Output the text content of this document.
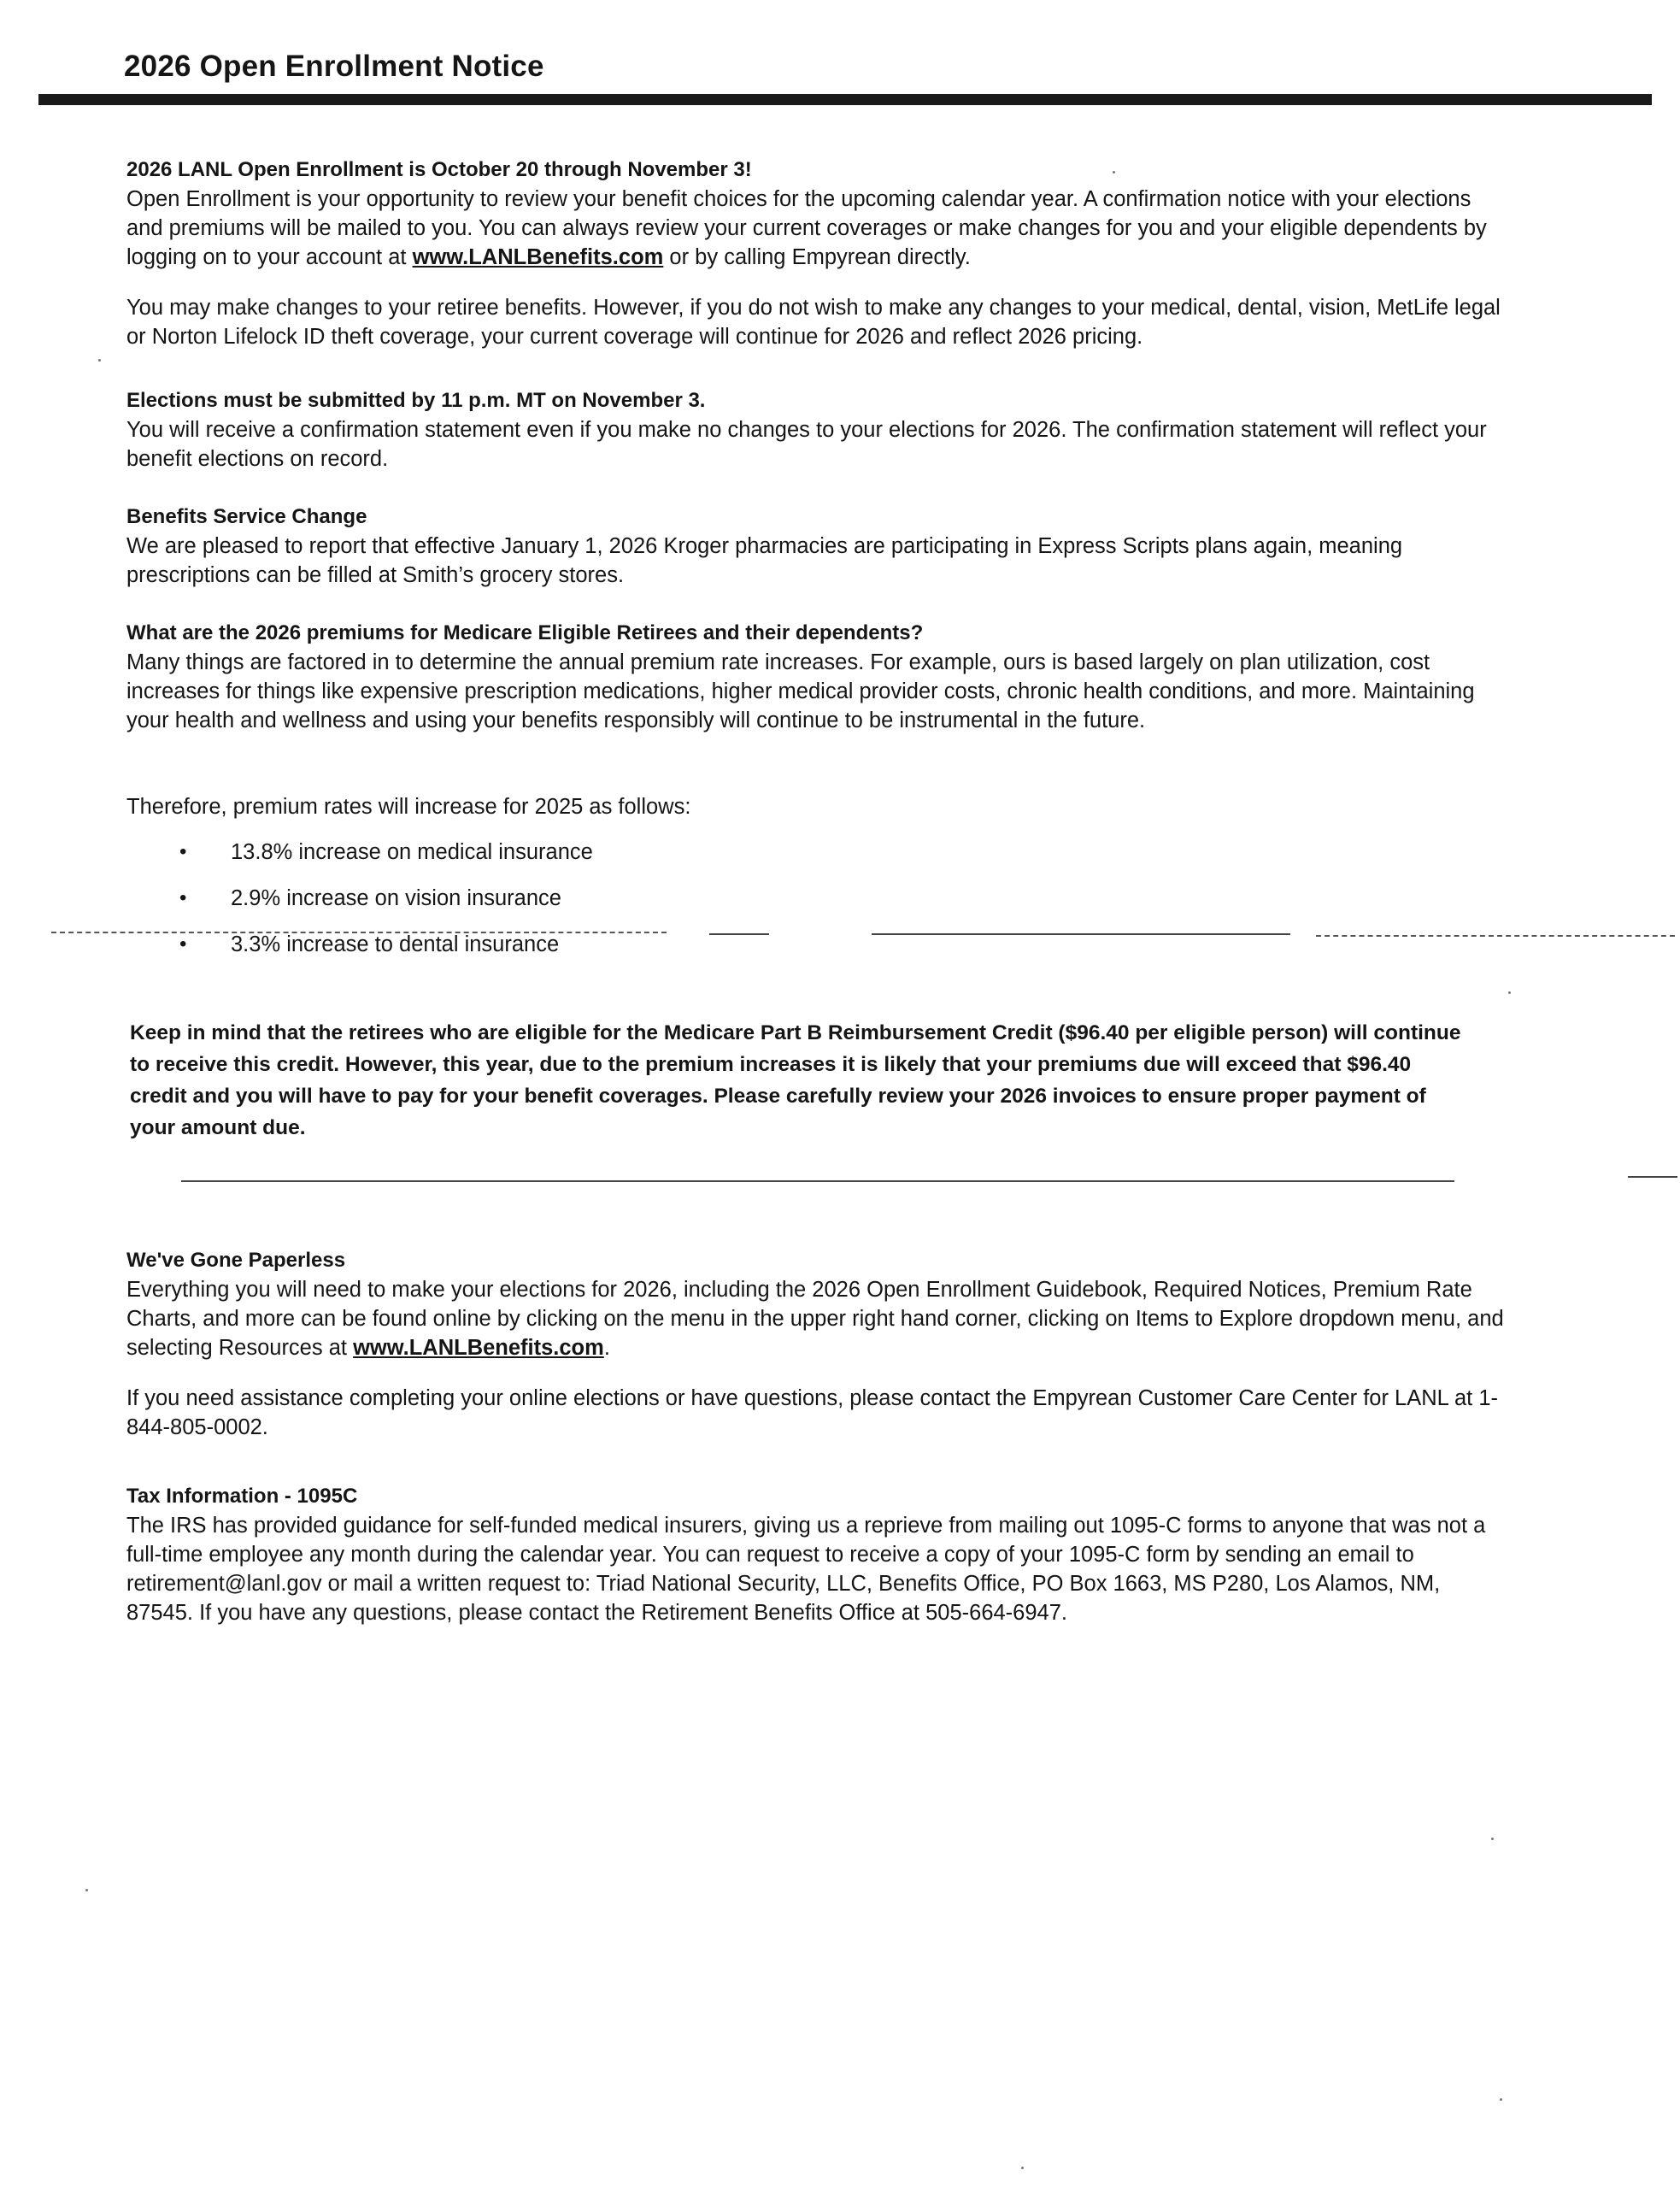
2026 Open Enrollment Notice

2026 LANL Open Enrollment is October 20 through November 3!

Open Enrollment is your opportunity to review your benefit choices for the upcoming calendar year. A confirmation notice with your elections and premiums will be mailed to you. You can always review your current coverages or make changes for you and your eligible dependents by logging on to your account at www.LANLBenefits.com or by calling Empyrean directly.

You may make changes to your retiree benefits. However, if you do not wish to make any changes to your medical, dental, vision, MetLife legal or Norton Lifelock ID theft coverage, your current coverage will continue for 2026 and reflect 2026 pricing.

Elections must be submitted by 11 p.m. MT on November 3.

You will receive a confirmation statement even if you make no changes to your elections for 2026. The confirmation statement will reflect your benefit elections on record.

Benefits Service Change

We are pleased to report that effective January 1, 2026 Kroger pharmacies are participating in Express Scripts plans again, meaning prescriptions can be filled at Smith’s grocery stores.

What are the 2026 premiums for Medicare Eligible Retirees and their dependents?

Many things are factored in to determine the annual premium rate increases. For example, ours is based largely on plan utilization, cost increases for things like expensive prescription medications, higher medical provider costs, chronic health conditions, and more. Maintaining your health and wellness and using your benefits responsibly will continue to be instrumental in the future.

Therefore, premium rates will increase for 2025 as follows:

• 13.8% increase on medical insurance
• 2.9% increase on vision insurance
• 3.3% increase to dental insurance
Keep in mind that the retirees who are eligible for the Medicare Part B Reimbursement Credit ($96.40 per eligible person) will continue to receive this credit. However, this year, due to the premium increases it is likely that your premiums due will exceed that $96.40 credit and you will have to pay for your benefit coverages. Please carefully review your 2026 invoices to ensure proper payment of your amount due.

We've Gone Paperless

Everything you will need to make your elections for 2026, including the 2026 Open Enrollment Guidebook, Required Notices, Premium Rate Charts, and more can be found online by clicking on the menu in the upper right hand corner, clicking on Items to Explore dropdown menu, and selecting Resources at www.LANLBenefits.com.

If you need assistance completing your online elections or have questions, please contact the Empyrean Customer Care Center for LANL at 1-844-805-0002.

Tax Information - 1095C

The IRS has provided guidance for self-funded medical insurers, giving us a reprieve from mailing out 1095-C forms to anyone that was not a full-time employee any month during the calendar year. You can request to receive a copy of your 1095-C form by sending an email to retirement@lanl.gov or mail a written request to: Triad National Security, LLC, Benefits Office, PO Box 1663, MS P280, Los Alamos, NM, 87545. If you have any questions, please contact the Retirement Benefits Office at 505-664-6947.
